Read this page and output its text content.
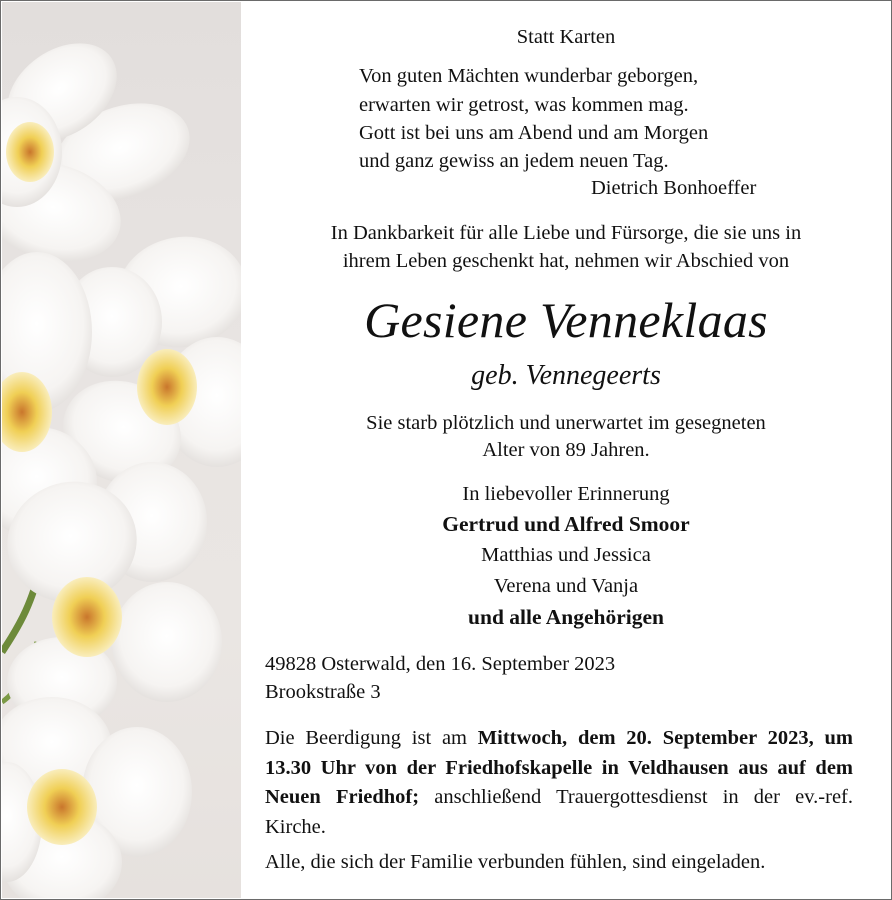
Statt Karten
Von guten Mächten wunderbar geborgen,
erwarten wir getrost, was kommen mag.
Gott ist bei uns am Abend und am Morgen
und ganz gewiss an jedem neuen Tag.
Dietrich Bonhoeffer
In Dankbarkeit für alle Liebe und Fürsorge, die sie uns in
ihrem Leben geschenkt hat, nehmen wir Abschied von
Gesiene Venneklaas
geb. Vennegeerts
Sie starb plötzlich und unerwartet im gesegneten
Alter von 89 Jahren.
In liebevoller Erinnerung
Gertrud und Alfred Smoor
Matthias und Jessica
Verena und Vanja
und alle Angehörigen
49828 Osterwald, den 16. September 2023
Brookstraße 3
Die Beerdigung ist am Mittwoch, dem 20. September 2023, um 13.30 Uhr von der Friedhofskapelle in Veldhausen aus auf dem Neuen Friedhof; anschließend Trauergottesdienst in der ev.-ref. Kirche.
Alle, die sich der Familie verbunden fühlen, sind eingeladen.
